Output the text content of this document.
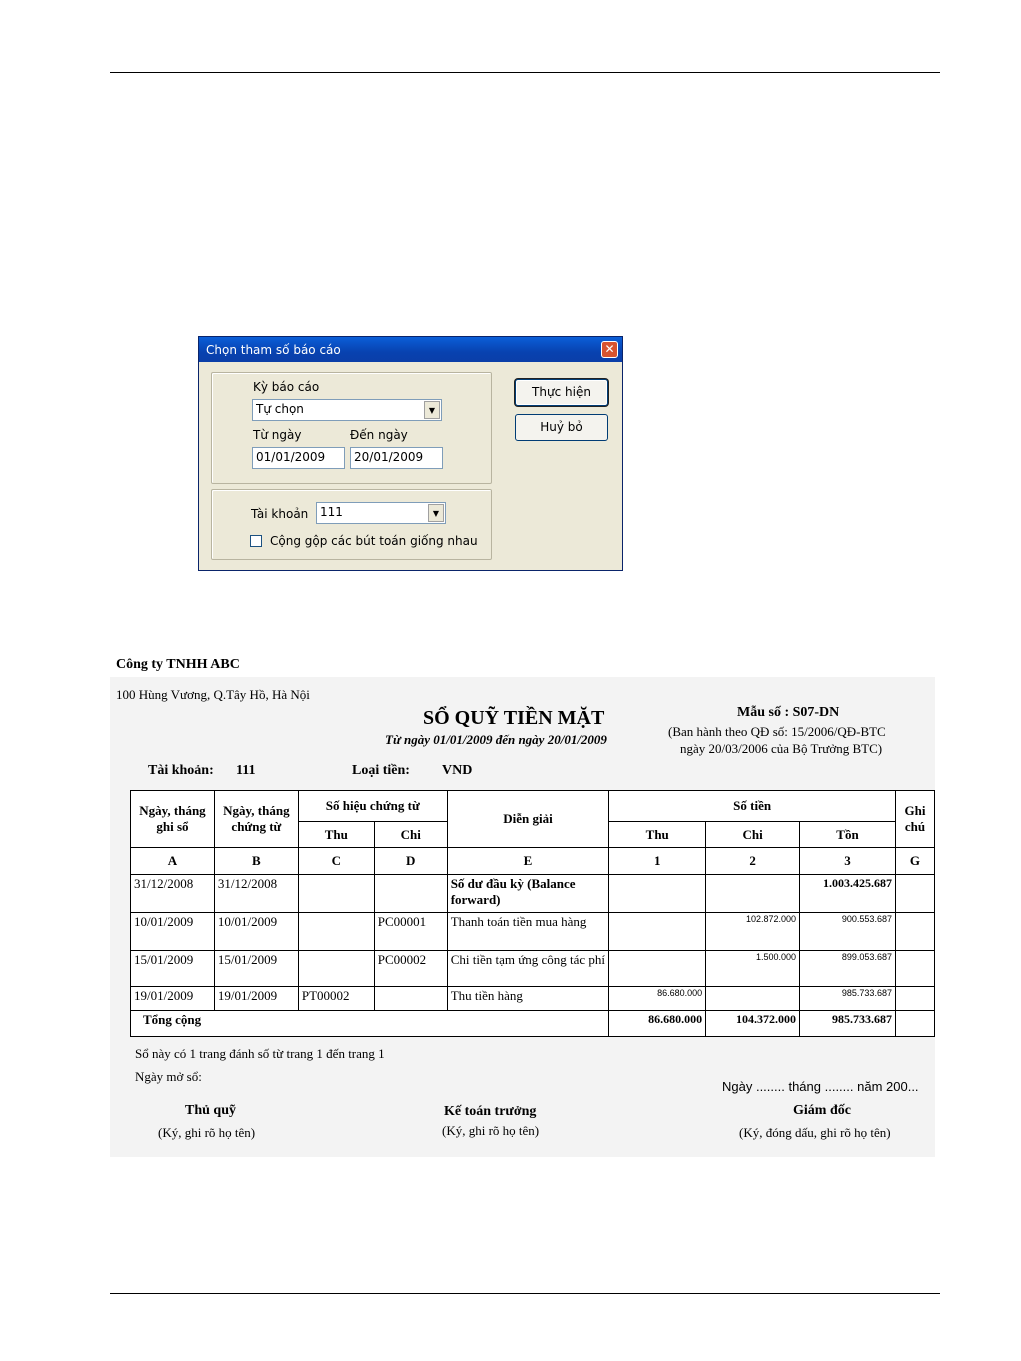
Chọn tham số báo cáo	✕
Kỳ báo cáo
Tự chọn	▼
Từ ngày	Đến ngày
01/01/2009	20/01/2009
Tài khoản 111	▼
Cộng gộp các bút toán giống nhau
Thực hiện
Huỷ bỏ
Công ty TNHH ABC
100 Hùng Vương, Q.Tây Hồ, Hà Nội
SỔ QUỸ TIỀN MẶT
Từ ngày 01/01/2009 đến ngày 20/01/2009
Mẫu số : S07-DN
(Ban hành theo QĐ số: 15/2006/QĐ-BTC
ngày 20/03/2006 của Bộ Trưởng BTC)
Tài khoản: 111	Loại tiền: VND
Ngày, tháng ghi sổ	Ngày, tháng chứng từ	Số hiệu chứng từ		Diễn giải	Số tiền			Ghi chú
		Thu	Chi		Thu	Chi	Tồn	
A	B	C	D	E	1	2	3	G
31/12/2008	31/12/2008			Số dư đầu kỳ (Balance forward)			1.003.425.687	
10/01/2009	10/01/2009		PC00001	Thanh toán tiền mua hàng		102.872.000	900.553.687	
15/01/2009	15/01/2009		PC00002	Chi tiền tạm ứng công tác phí		1.500.000	899.053.687	
19/01/2009	19/01/2009	PT00002		Thu tiền hàng	86.680.000		985.733.687	
Tổng cộng					86.680.000	104.372.000	985.733.687	
Sổ này có 1 trang đánh số từ trang 1 đến trang 1
Ngày mở sổ:
Ngày ........ tháng ........ năm 200...
Thủ quỹ
(Ký, ghi rõ họ tên)
Kế toán trưởng
(Ký, ghi rõ họ tên)
Giám đốc
(Ký, đóng dấu, ghi rõ họ tên)
